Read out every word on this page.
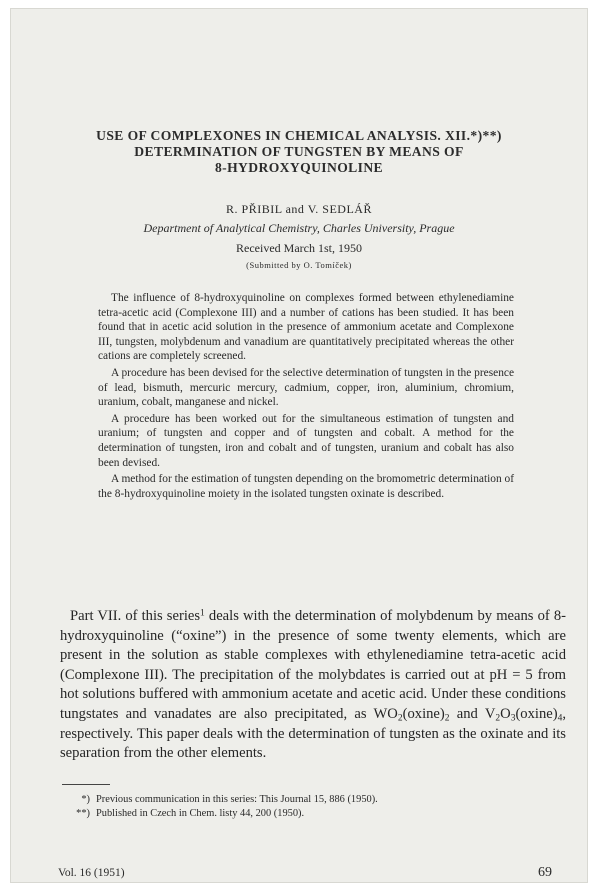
USE OF COMPLEXONES IN CHEMICAL ANALYSIS. XII.*)**)
DETERMINATION OF TUNGSTEN BY MEANS OF
8-HYDROXYQUINOLINE
R. PŘIBIL and V. SEDLÁŘ
Department of Analytical Chemistry, Charles University, Prague
Received March 1st, 1950
(Submitted by O. Tomíček)

The influence of 8-hydroxyquinoline on complexes formed between ethylenediamine tetra-acetic acid (Complexone III) and a number of cations has been studied. It has been found that in acetic acid solution in the presence of ammonium acetate and Complexone III, tungsten, molybdenum and vanadium are quantitatively precipitated whereas the other cations are completely screened.

A procedure has been devised for the selective determination of tungsten in the presence of lead, bismuth, mercuric mercury, cadmium, copper, iron, aluminium, chromium, uranium, cobalt, manganese and nickel.

A procedure has been worked out for the simultaneous estimation of tungsten and uranium; of tungsten and copper and of tungsten and cobalt. A method for the determination of tungsten, iron and cobalt and of tungsten, uranium and cobalt has also been devised.

A method for the estimation of tungsten depending on the bromometric determination of the 8-hydroxyquinoline moiety in the isolated tungsten oxinate is described.

Part VII. of this series$^1$ deals with the determination of molybdenum by means of 8-hydroxyquinoline (“oxine”) in the presence of some twenty elements, which are present in the solution as stable complexes with ethylenediamine tetra-acetic acid (Complexone III). The precipitation of the molybdates is carried out at pH = 5 from hot solutions buffered with ammonium acetate and acetic acid. Under these conditions tungstates and vanadates are also precipitated, as $WO_2(oxine)_2$ and $V_2O_3(oxine)_4$, respectively. This paper deals with the determination of tungsten as the oxinate and its separation from the other elements.

*) Previous communication in this series: This Journal 15, 886 (1950).
**) Published in Czech in Chem. listy 44, 200 (1950).
Vol. 16 (1951)	69
